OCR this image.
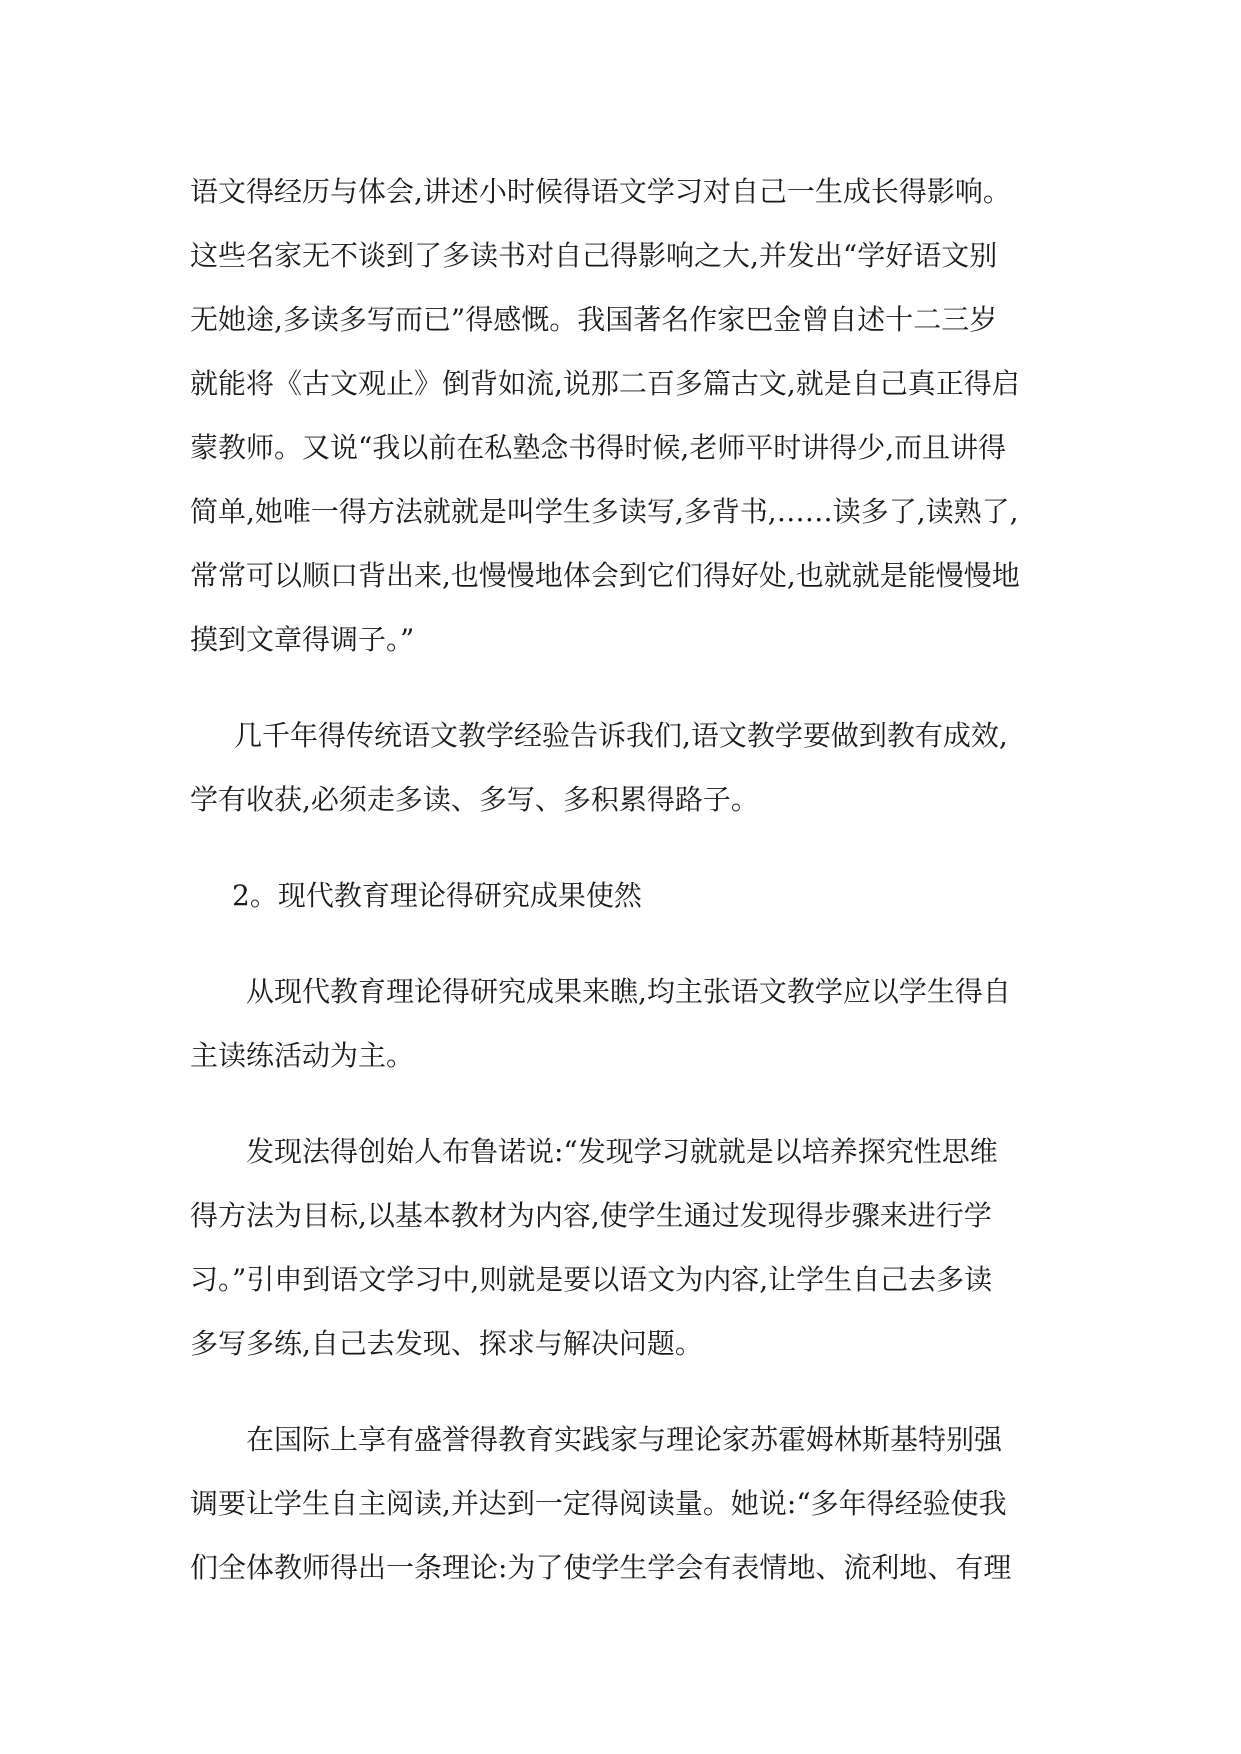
语文得经历与体会,讲述小时候得语文学习对自己一生成长得影响。
这些名家无不谈到了多读书对自己得影响之大,并发出“学好语文别
无她途,多读多写而已”得感慨。我国著名作家巴金曾自述十二三岁
就能将《古文观止》倒背如流,说那二百多篇古文,就是自己真正得启
蒙教师。又说“我以前在私塾念书得时候,老师平时讲得少,而且讲得
简单,她唯一得方法就就是叫学生多读写,多背书,……读多了,读熟了,
常常可以顺口背出来,也慢慢地体会到它们得好处,也就就是能慢慢地
摸到文章得调子。”
几千年得传统语文教学经验告诉我们,语文教学要做到教有成效,
学有收获,必须走多读、多写、多积累得路子。
2。现代教育理论得研究成果使然
从现代教育理论得研究成果来瞧,均主张语文教学应以学生得自
主读练活动为主。
发现法得创始人布鲁诺说:“发现学习就就是以培养探究性思维
得方法为目标,以基本教材为内容,使学生通过发现得步骤来进行学
习。”引申到语文学习中,则就是要以语文为内容,让学生自己去多读
多写多练,自己去发现、探求与解决问题。
在国际上享有盛誉得教育实践家与理论家苏霍姆林斯基特别强
调要让学生自主阅读,并达到一定得阅读量。她说:“多年得经验使我
们全体教师得出一条理论:为了使学生学会有表情地、流利地、有理
